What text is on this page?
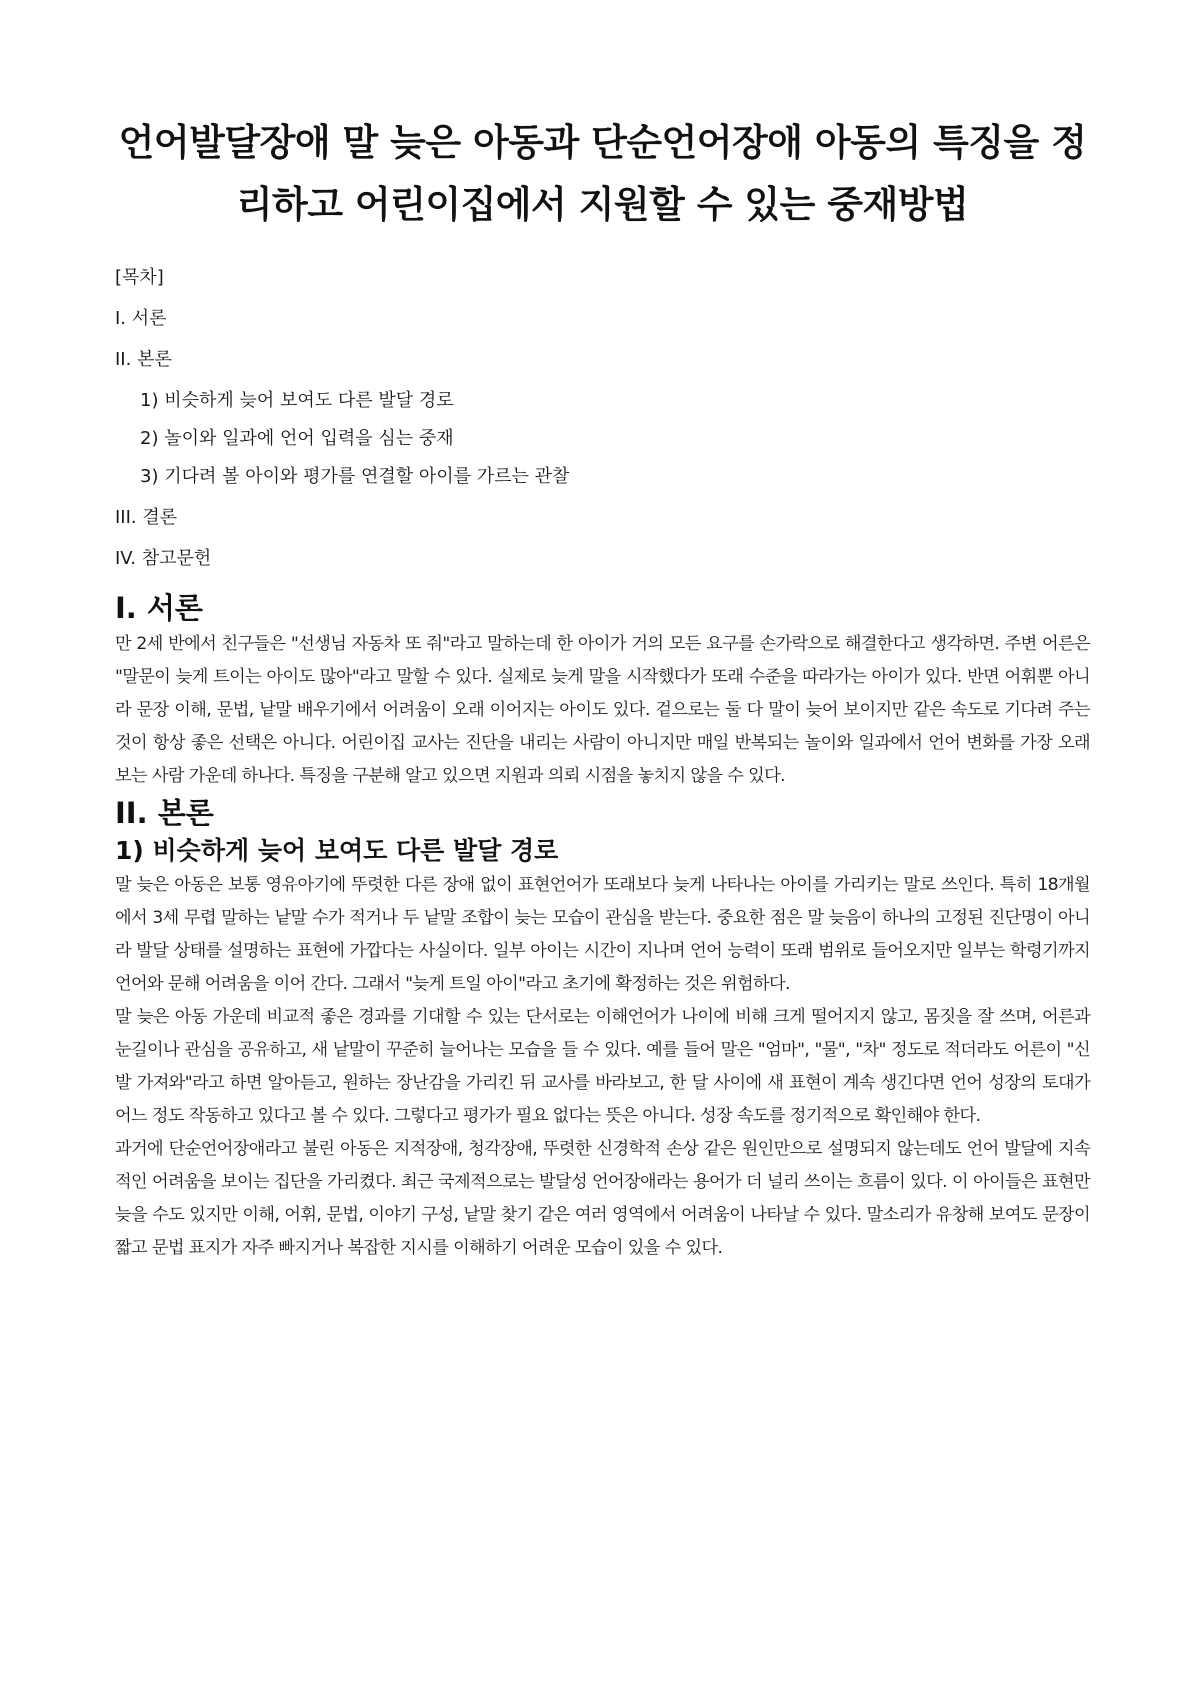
언어발달장애 말 늦은 아동과 단순언어장애 아동의 특징을 정리하고 어린이집에서 지원할 수 있는 중재방법
[목차]
I. 서론
II. 본론
1) 비슷하게 늦어 보여도 다른 발달 경로
2) 놀이와 일과에 언어 입력을 심는 중재
3) 기다려 볼 아이와 평가를 연결할 아이를 가르는 관찰
III. 결론
IV. 참고문헌
I. 서론

만 2세 반에서 친구들은 "선생님 자동차 또 줘"라고 말하는데 한 아이가 거의 모든 요구를 손가락으로 해결한다고 생각하면. 주변 어른은 "말문이 늦게 트이는 아이도 많아"라고 말할 수 있다. 실제로 늦게 말을 시작했다가 또래 수준을 따라가는 아이가 있다. 반면 어휘뿐 아니라 문장 이해, 문법, 낱말 배우기에서 어려움이 오래 이어지는 아이도 있다. 겉으로는 둘 다 말이 늦어 보이지만 같은 속도로 기다려 주는 것이 항상 좋은 선택은 아니다. 어린이집 교사는 진단을 내리는 사람이 아니지만 매일 반복되는 놀이와 일과에서 언어 변화를 가장 오래 보는 사람 가운데 하나다. 특징을 구분해 알고 있으면 지원과 의뢰 시점을 놓치지 않을 수 있다.

II. 본론
1) 비슷하게 늦어 보여도 다른 발달 경로

말 늦은 아동은 보통 영유아기에 뚜렷한 다른 장애 없이 표현언어가 또래보다 늦게 나타나는 아이를 가리키는 말로 쓰인다. 특히 18개월에서 3세 무렵 말하는 낱말 수가 적거나 두 낱말 조합이 늦는 모습이 관심을 받는다. 중요한 점은 말 늦음이 하나의 고정된 진단명이 아니라 발달 상태를 설명하는 표현에 가깝다는 사실이다. 일부 아이는 시간이 지나며 언어 능력이 또래 범위로 들어오지만 일부는 학령기까지 언어와 문해 어려움을 이어 간다. 그래서 "늦게 트일 아이"라고 초기에 확정하는 것은 위험하다.

말 늦은 아동 가운데 비교적 좋은 경과를 기대할 수 있는 단서로는 이해언어가 나이에 비해 크게 떨어지지 않고, 몸짓을 잘 쓰며, 어른과 눈길이나 관심을 공유하고, 새 낱말이 꾸준히 늘어나는 모습을 들 수 있다. 예를 들어 말은 "엄마", "물", "차" 정도로 적더라도 어른이 "신발 가져와"라고 하면 알아듣고, 원하는 장난감을 가리킨 뒤 교사를 바라보고, 한 달 사이에 새 표현이 계속 생긴다면 언어 성장의 토대가 어느 정도 작동하고 있다고 볼 수 있다. 그렇다고 평가가 필요 없다는 뜻은 아니다. 성장 속도를 정기적으로 확인해야 한다.

과거에 단순언어장애라고 불린 아동은 지적장애, 청각장애, 뚜렷한 신경학적 손상 같은 원인만으로 설명되지 않는데도 언어 발달에 지속적인 어려움을 보이는 집단을 가리켰다. 최근 국제적으로는 발달성 언어장애라는 용어가 더 널리 쓰이는 흐름이 있다. 이 아이들은 표현만 늦을 수도 있지만 이해, 어휘, 문법, 이야기 구성, 낱말 찾기 같은 여러 영역에서 어려움이 나타날 수 있다. 말소리가 유창해 보여도 문장이 짧고 문법 표지가 자주 빠지거나 복잡한 지시를 이해하기 어려운 모습이 있을 수 있다.
